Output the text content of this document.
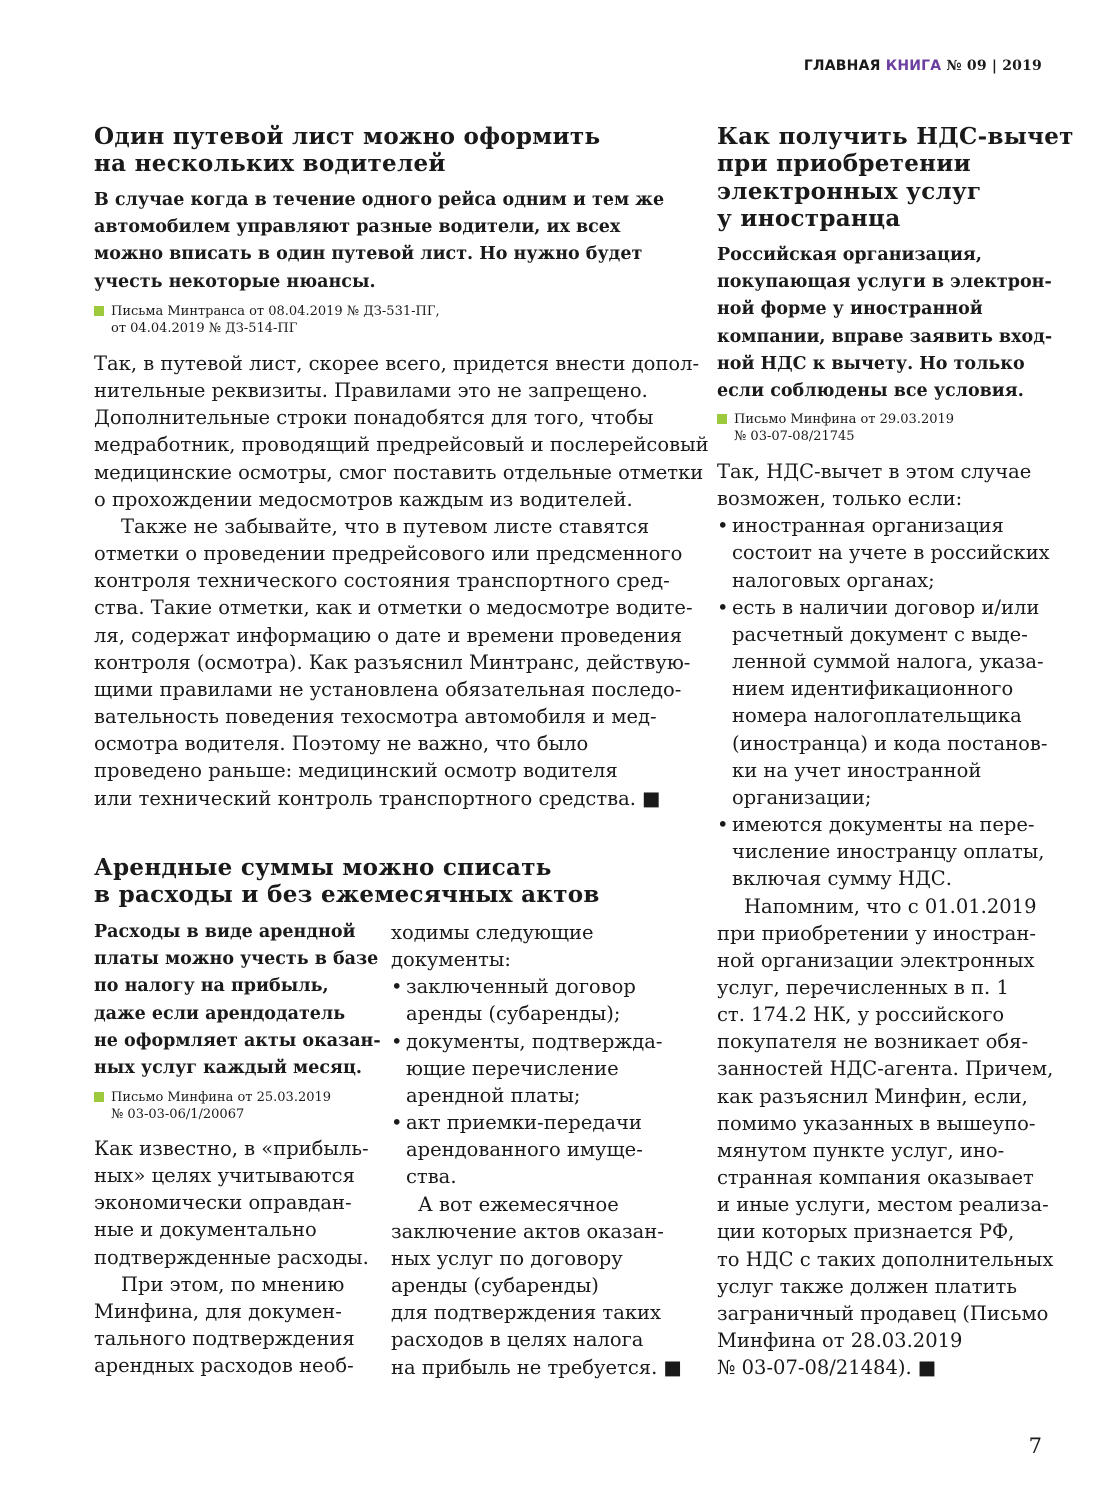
ГЛАВНАЯ КНИГА № 09 | 2019
Один путевой лист можно оформить
на нескольких водителей
В случае когда в течение одного рейса одним и тем же
автомобилем управляют разные водители, их всех
можно вписать в один путевой лист. Но нужно будет
учесть некоторые нюансы.
Письма Минтранса от 08.04.2019 № ДЗ-531-ПГ,
от 04.04.2019 № ДЗ-514-ПГ
Так, в путевой лист, скорее всего, придется внести допол-
нительные реквизиты. Правилами это не запрещено.
Дополнительные строки понадобятся для того, чтобы
медработник, проводящий предрейсовый и послерейсовый
медицинские осмотры, смог поставить отдельные отметки
о прохождении медосмотров каждым из водителей.
Также не забывайте, что в путевом листе ставятся
отметки о проведении предрейсового или предсменного
контроля технического состояния транспортного сред-
ства. Такие отметки, как и отметки о медосмотре водите-
ля, содержат информацию о дате и времени проведения
контроля (осмотра). Как разъяснил Минтранс, действую-
щими правилами не установлена обязательная последо-
вательность поведения техосмотра автомобиля и мед-
осмотра водителя. Поэтому не важно, что было
проведено раньше: медицинский осмотр водителя
или технический контроль транспортного средства. ■
Арендные суммы можно списать
в расходы и без ежемесячных актов
Расходы в виде арендной
платы можно учесть в базе
по налогу на прибыль,
даже если арендодатель
не оформляет акты оказан-
ных услуг каждый месяц.
Письмо Минфина от 25.03.2019
№ 03-03-06/1/20067
Как известно, в «прибыль-
ных» целях учитываются
экономически оправдан-
ные и документально
подтвержденные расходы.
При этом, по мнению
Минфина, для докумен-
тального подтверждения
арендных расходов необ-
ходимы следующие
документы:
• заключенный договор
аренды (субаренды);
• документы, подтвержда-
ющие перечисление
арендной платы;
• акт приемки-передачи
арендованного имуще-
ства.
А вот ежемесячное
заключение актов оказан-
ных услуг по договору
аренды (субаренды)
для подтверждения таких
расходов в целях налога
на прибыль не требуется. ■
Как получить НДС-вычет
при приобретении
электронных услуг
у иностранца
Российская организация,
покупающая услуги в электрон-
ной форме у иностранной
компании, вправе заявить вход-
ной НДС к вычету. Но только
если соблюдены все условия.
Письмо Минфина от 29.03.2019
№ 03-07-08/21745
Так, НДС-вычет в этом случае
возможен, только если:
• иностранная организация
состоит на учете в российских
налоговых органах;
• есть в наличии договор и/или
расчетный документ с выде-
ленной суммой налога, указа-
нием идентификационного
номера налогоплательщика
(иностранца) и кода постанов-
ки на учет иностранной
организации;
• имеются документы на пере-
числение иностранцу оплаты,
включая сумму НДС.
Напомним, что с 01.01.2019
при приобретении у иностран-
ной организации электронных
услуг, перечисленных в п. 1
ст. 174.2 НК, у российского
покупателя не возникает обя-
занностей НДС-агента. Причем,
как разъяснил Минфин, если,
помимо указанных в вышеупо-
мянутом пункте услуг, ино-
странная компания оказывает
и иные услуги, местом реализа-
ции которых признается РФ,
то НДС с таких дополнительных
услуг также должен платить
заграничный продавец (Письмо
Минфина от 28.03.2019
№ 03-07-08/21484). ■
7
